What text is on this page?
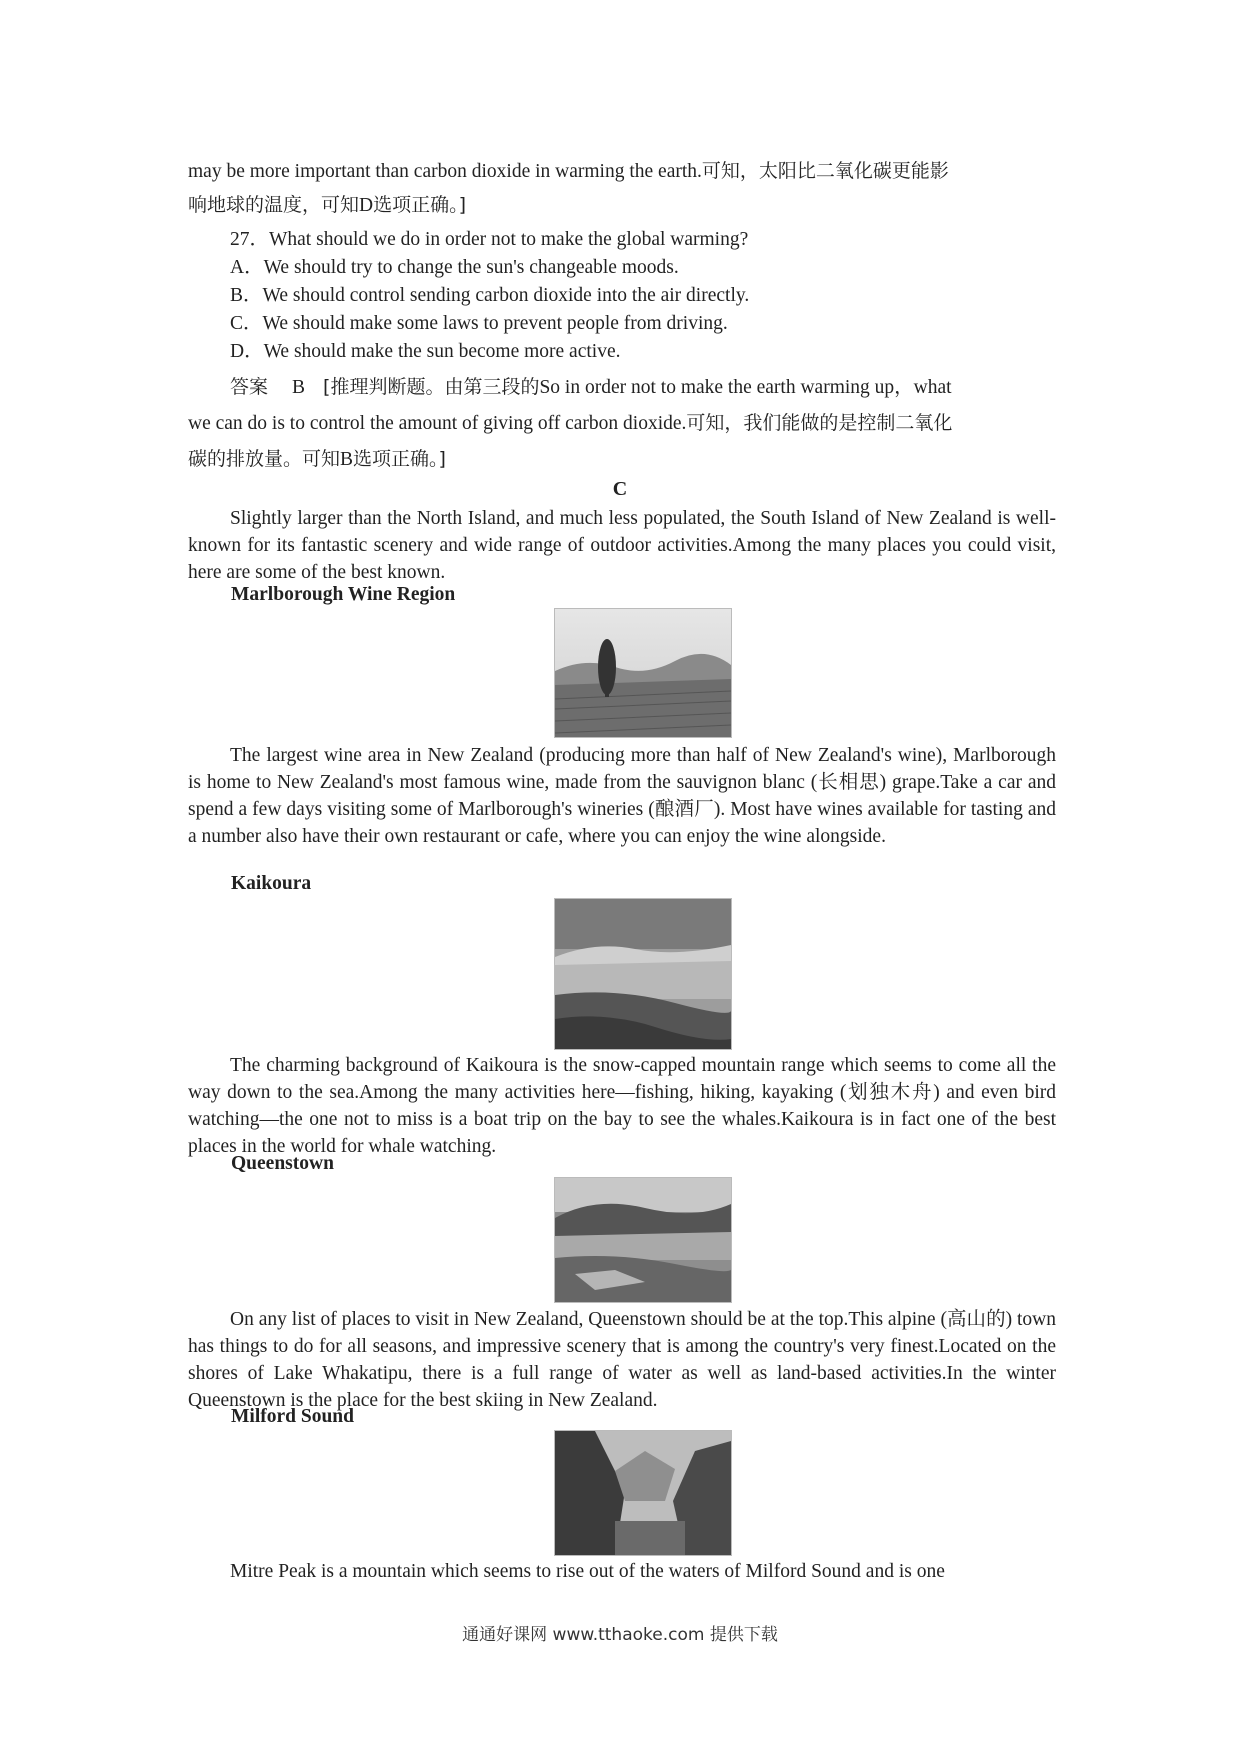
may be more important than carbon dioxide in warming the earth.可知，太阳比二氧化碳更能影
响地球的温度，可知D选项正确。]
27．What should we do in order not to make the global warming?
A．We should try to change the sun's changeable moods.
B．We should control sending carbon dioxide into the air directly.
C．We should make some laws to prevent people from driving.
D．We should make the sun become more active.
答案 B [推理判断题。由第三段的So in order not to make the earth warming up，what
we can do is to control the amount of giving off carbon dioxide.可知，我们能做的是控制二氧化
碳的排放量。可知B选项正确。]
C
Slightly larger than the North Island, and much less populated, the South Island of New Zealand is well-known for its fantastic scenery and wide range of outdoor activities.Among the many places you could visit, here are some of the best known.
Marlborough Wine Region
The largest wine area in New Zealand (producing more than half of New Zealand's wine), Marlborough is home to New Zealand's most famous wine, made from the sauvignon blanc (长相思) grape.Take a car and spend a few days visiting some of Marlborough's wineries (酿酒厂). Most have wines available for tasting and a number also have their own restaurant or cafe, where you can enjoy the wine alongside.
Kaikoura
The charming background of Kaikoura is the snow-capped mountain range which seems to come all the way down to the sea.Among the many activities here—fishing, hiking, kayaking (划独木舟) and even bird watching—the one not to miss is a boat trip on the bay to see the whales.Kaikoura is in fact one of the best places in the world for whale watching.
Queenstown
On any list of places to visit in New Zealand, Queenstown should be at the top.This alpine (高山的) town has things to do for all seasons, and impressive scenery that is among the country's very finest.Located on the shores of Lake Whakatipu, there is a full range of water as well as land-based activities.In the winter Queenstown is the place for the best skiing in New Zealand.
Milford Sound
Mitre Peak is a mountain which seems to rise out of the waters of Milford Sound and is one
通通好课网 www.tthaoke.com 提供下载
